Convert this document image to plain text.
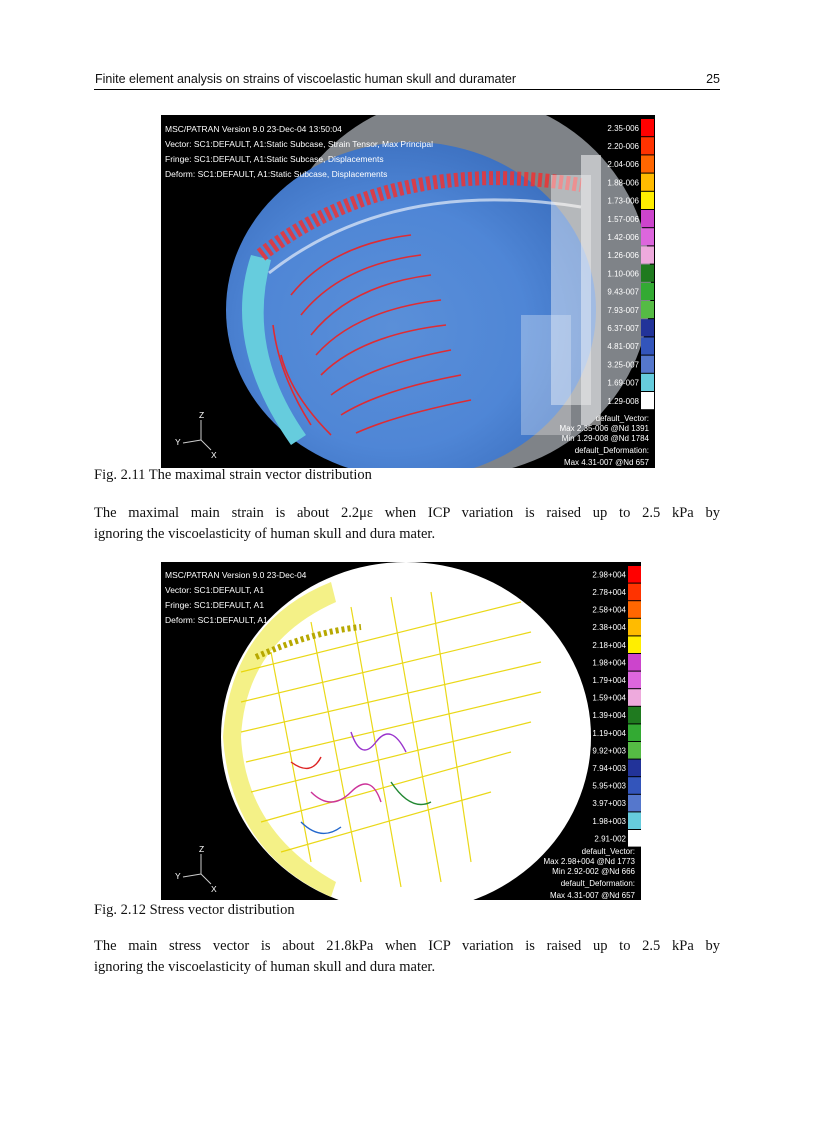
Finite element analysis on strains of viscoelastic human skull and duramater	25
MSC/PATRAN Version 9.0 23-Dec-04 13:50:04
Vector: SC1:DEFAULT, A1:Static Subcase, Strain Tensor, Max Principal
Fringe: SC1:DEFAULT, A1:Static Subcase, Displacements
Deform: SC1:DEFAULT, A1:Static Subcase, Displacements
2.35-006
2.20-006
2.04-006
1.88-006
1.73-006
1.57-006
1.42-006
1.26-006
1.10-006
9.43-007
7.93-007
6.37-007
4.81-007
3.25-007
1.69-007
1.29-008
default_Vector:
Max 2.35-006 @Nd 1391
Min 1.29-008 @Nd 1784
default_Deformation:
Max 4.31-007 @Nd 657
Z
Y
X
Fig. 2.11 The maximal strain vector distribution
The maximal main strain is about 2.2με when ICP variation is raised up to 2.5 kPa by
ignoring the viscoelasticity of human skull and dura mater.
MSC/PATRAN Version 9.0 23-Dec-04
Vector: SC1:DEFAULT, A1
Fringe: SC1:DEFAULT, A1
Deform: SC1:DEFAULT, A1
2.98+004
2.78+004
2.58+004
2.38+004
2.18+004
1.98+004
1.79+004
1.59+004
1.39+004
1.19+004
9.92+003
7.94+003
5.95+003
3.97+003
1.98+003
2.91-002
default_Vector:
Max 2.98+004 @Nd 1773
Min 2.92-002 @Nd 666
default_Deformation:
Max 4.31-007 @Nd 657
Z
Y
X
Fig. 2.12 Stress vector distribution
The main stress vector is about 21.8kPa when ICP variation is raised up to 2.5 kPa by
ignoring the viscoelasticity of human skull and dura mater.
